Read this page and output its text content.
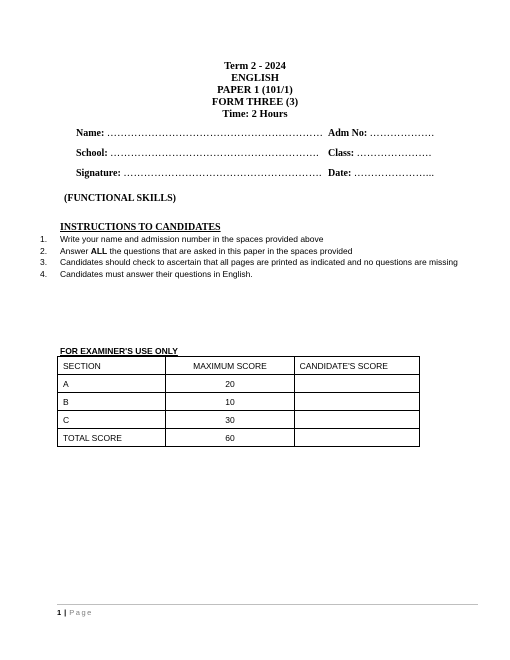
Term 2 - 2024
ENGLISH
PAPER 1 (101/1)
FORM THREE (3)
Time: 2 Hours
Name: ……………………………………………………… Adm No: ……………….
School: ……………………………………………………. Class: ………………….
Signature: …………………………………………………. Date: …………………...
(FUNCTIONAL SKILLS)
INSTRUCTIONS TO CANDIDATES
1. Write your name and admission number in the spaces provided above
2. Answer ALL the questions that are asked in this paper in the spaces provided
3. Candidates should check to ascertain that all pages are printed as indicated and no questions are missing
4. Candidates must answer their questions in English.
FOR EXAMINER'S USE ONLY
SECTION	MAXIMUM SCORE	CANDIDATE'S SCORE
A	20	
B	10	
C	30	
TOTAL SCORE	60	
1 | Page
